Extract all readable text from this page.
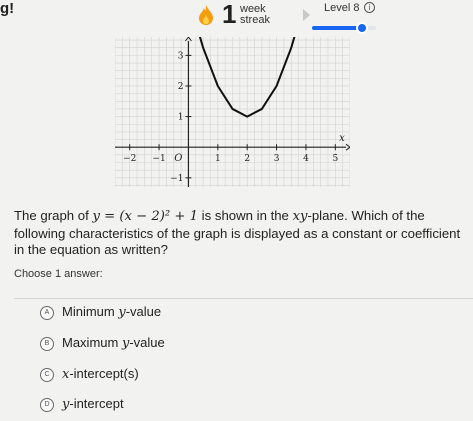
g!	1 week
streak
Level 8	i
−2 −1	1	2	3	4	5
3
2
1
−1
O
x
The graph of y = (x − 2)² + 1 is shown in the xy-plane. Which of the following characteristics of the graph is displayed as a constant or coefficient in the equation as written?
Choose 1 answer:
A Minimum y-value
B Maximum y-value
C x-intercept(s)
D y-intercept
